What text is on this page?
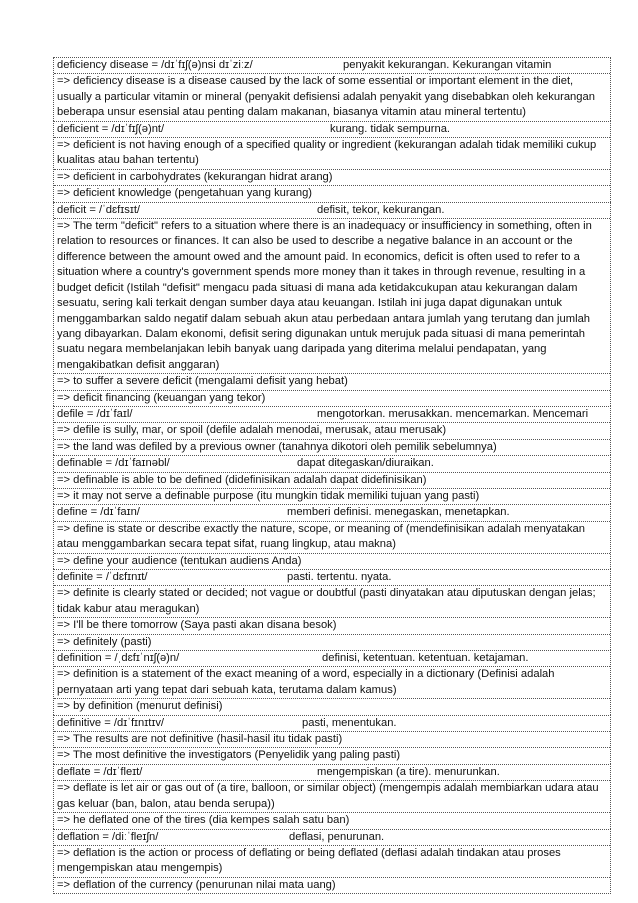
deficiency disease = /dɪˈfɪʃ(ə)nsi dɪˈziːz/	penyakit kekurangan. Kekurangan vitamin
=> deficiency disease is a disease caused by the lack of some essential or important element in the diet, usually a particular vitamin or mineral (penyakit defisiensi adalah penyakit yang disebabkan oleh kekurangan beberapa unsur esensial atau penting dalam makanan, biasanya vitamin atau mineral tertentu)
deficient = /dɪˈfɪʃ(ə)nt/	kurang. tidak sempurna.
=> deficient is not having enough of a specified quality or ingredient (kekurangan adalah tidak memiliki cukup kualitas atau bahan tertentu)
=> deficient in carbohydrates (kekurangan hidrat arang)
=> deficient knowledge (pengetahuan yang kurang)
deficit = /ˈdɛfɪsɪt/	defisit, tekor, kekurangan.
=> The term "deficit" refers to a situation where there is an inadequacy or insufficiency in something, often in relation to resources or finances. It can also be used to describe a negative balance in an account or the difference between the amount owed and the amount paid. In economics, deficit is often used to refer to a situation where a country's government spends more money than it takes in through revenue, resulting in a budget deficit (Istilah "defisit" mengacu pada situasi di mana ada ketidakcukupan atau kekurangan dalam sesuatu, sering kali terkait dengan sumber daya atau keuangan. Istilah ini juga dapat digunakan untuk menggambarkan saldo negatif dalam sebuah akun atau perbedaan antara jumlah yang terutang dan jumlah yang dibayarkan. Dalam ekonomi, defisit sering digunakan untuk merujuk pada situasi di mana pemerintah suatu negara membelanjakan lebih banyak uang daripada yang diterima melalui pendapatan, yang mengakibatkan defisit anggaran)
=> to suffer a severe deficit (mengalami defisit yang hebat)
=> deficit financing (keuangan yang tekor)
defile = /dɪˈfaɪl/	mengotorkan. merusakkan. mencemarkan. Mencemari
=> defile is sully, mar, or spoil (defile adalah menodai, merusak, atau merusak)
=> the land was defiled by a previous owner (tanahnya dikotori oleh pemilik sebelumnya)
definable = /dɪˈfaɪnəbl/	dapat ditegaskan/diuraikan.
=> definable is able to be defined (didefinisikan adalah dapat didefinisikan)
=> it may not serve a definable purpose (itu mungkin tidak memiliki tujuan yang pasti)
define = /dɪˈfaɪn/	memberi definisi. menegaskan, menetapkan.
=> define is state or describe exactly the nature, scope, or meaning of (mendefinisikan adalah menyatakan atau menggambarkan secara tepat sifat, ruang lingkup, atau makna)
=> define your audience (tentukan audiens Anda)
definite = /ˈdɛfɪnɪt/	pasti. tertentu. nyata.
=> definite is clearly stated or decided; not vague or doubtful (pasti dinyatakan atau diputuskan dengan jelas; tidak kabur atau meragukan)
=> I'll be there tomorrow (Saya pasti akan disana besok)
=> definitely (pasti)
definition = /ˌdɛfɪˈnɪʃ(ə)n/	definisi, ketentuan. ketentuan. ketajaman.
=> definition is a statement of the exact meaning of a word, especially in a dictionary (Definisi adalah pernyataan arti yang tepat dari sebuah kata, terutama dalam kamus)
=> by definition (menurut definisi)
definitive = /dɪˈfɪnɪtɪv/	pasti, menentukan.
=> The results are not definitive (hasil-hasil itu tidak pasti)
=> The most definitive the investigators (Penyelidik yang paling pasti)
deflate = /dɪˈfleɪt/	mengempiskan (a tire). menurunkan.
=> deflate is let air or gas out of (a tire, balloon, or similar object) (mengempis adalah membiarkan udara atau gas keluar (ban, balon, atau benda serupa))
=> he deflated one of the tires (dia kempes salah satu ban)
deflation = /diːˈfleɪʃn/	deflasi, penurunan.
=> deflation is the action or process of deflating or being deflated (deflasi adalah tindakan atau proses mengempiskan atau mengempis)
=> deflation of the currency (penurunan nilai mata uang)
